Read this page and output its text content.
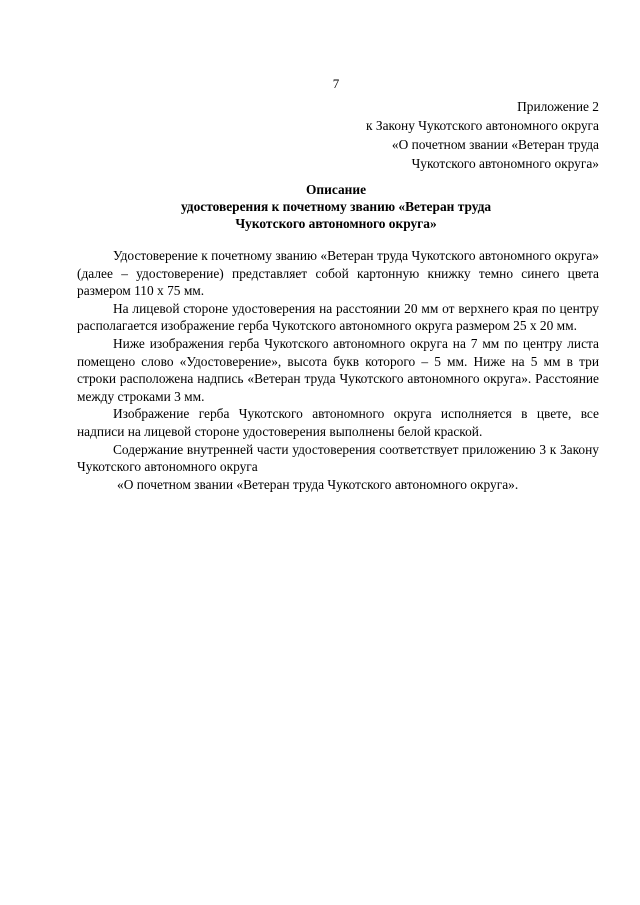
7
Приложение 2
к Закону Чукотского автономного округа
«О почетном звании «Ветеран труда
Чукотского автономного округа»
Описание
удостоверения к почетному званию «Ветеран труда
Чукотского автономного округа»

Удостоверение к почетному званию «Ветеран труда Чукотского автономного округа» (далее – удостоверение) представляет собой картонную книжку темно синего цвета размером 110 х 75 мм.

На лицевой стороне удостоверения на расстоянии 20 мм от верхнего края по центру располагается изображение герба Чукотского автономного округа размером 25 х 20 мм.

Ниже изображения герба Чукотского автономного округа на 7 мм по центру листа помещено слово «Удостоверение», высота букв которого – 5 мм. Ниже на 5 мм в три строки расположена надпись «Ветеран труда Чукотского автономного округа». Расстояние между строками 3 мм.

Изображение герба Чукотского автономного округа исполняется в цвете, все надписи на лицевой стороне удостоверения выполнены белой краской.

Содержание внутренней части удостоверения соответствует приложению 3 к Закону Чукотского автономного округа

«О почетном звании «Ветеран труда Чукотского автономного округа».
